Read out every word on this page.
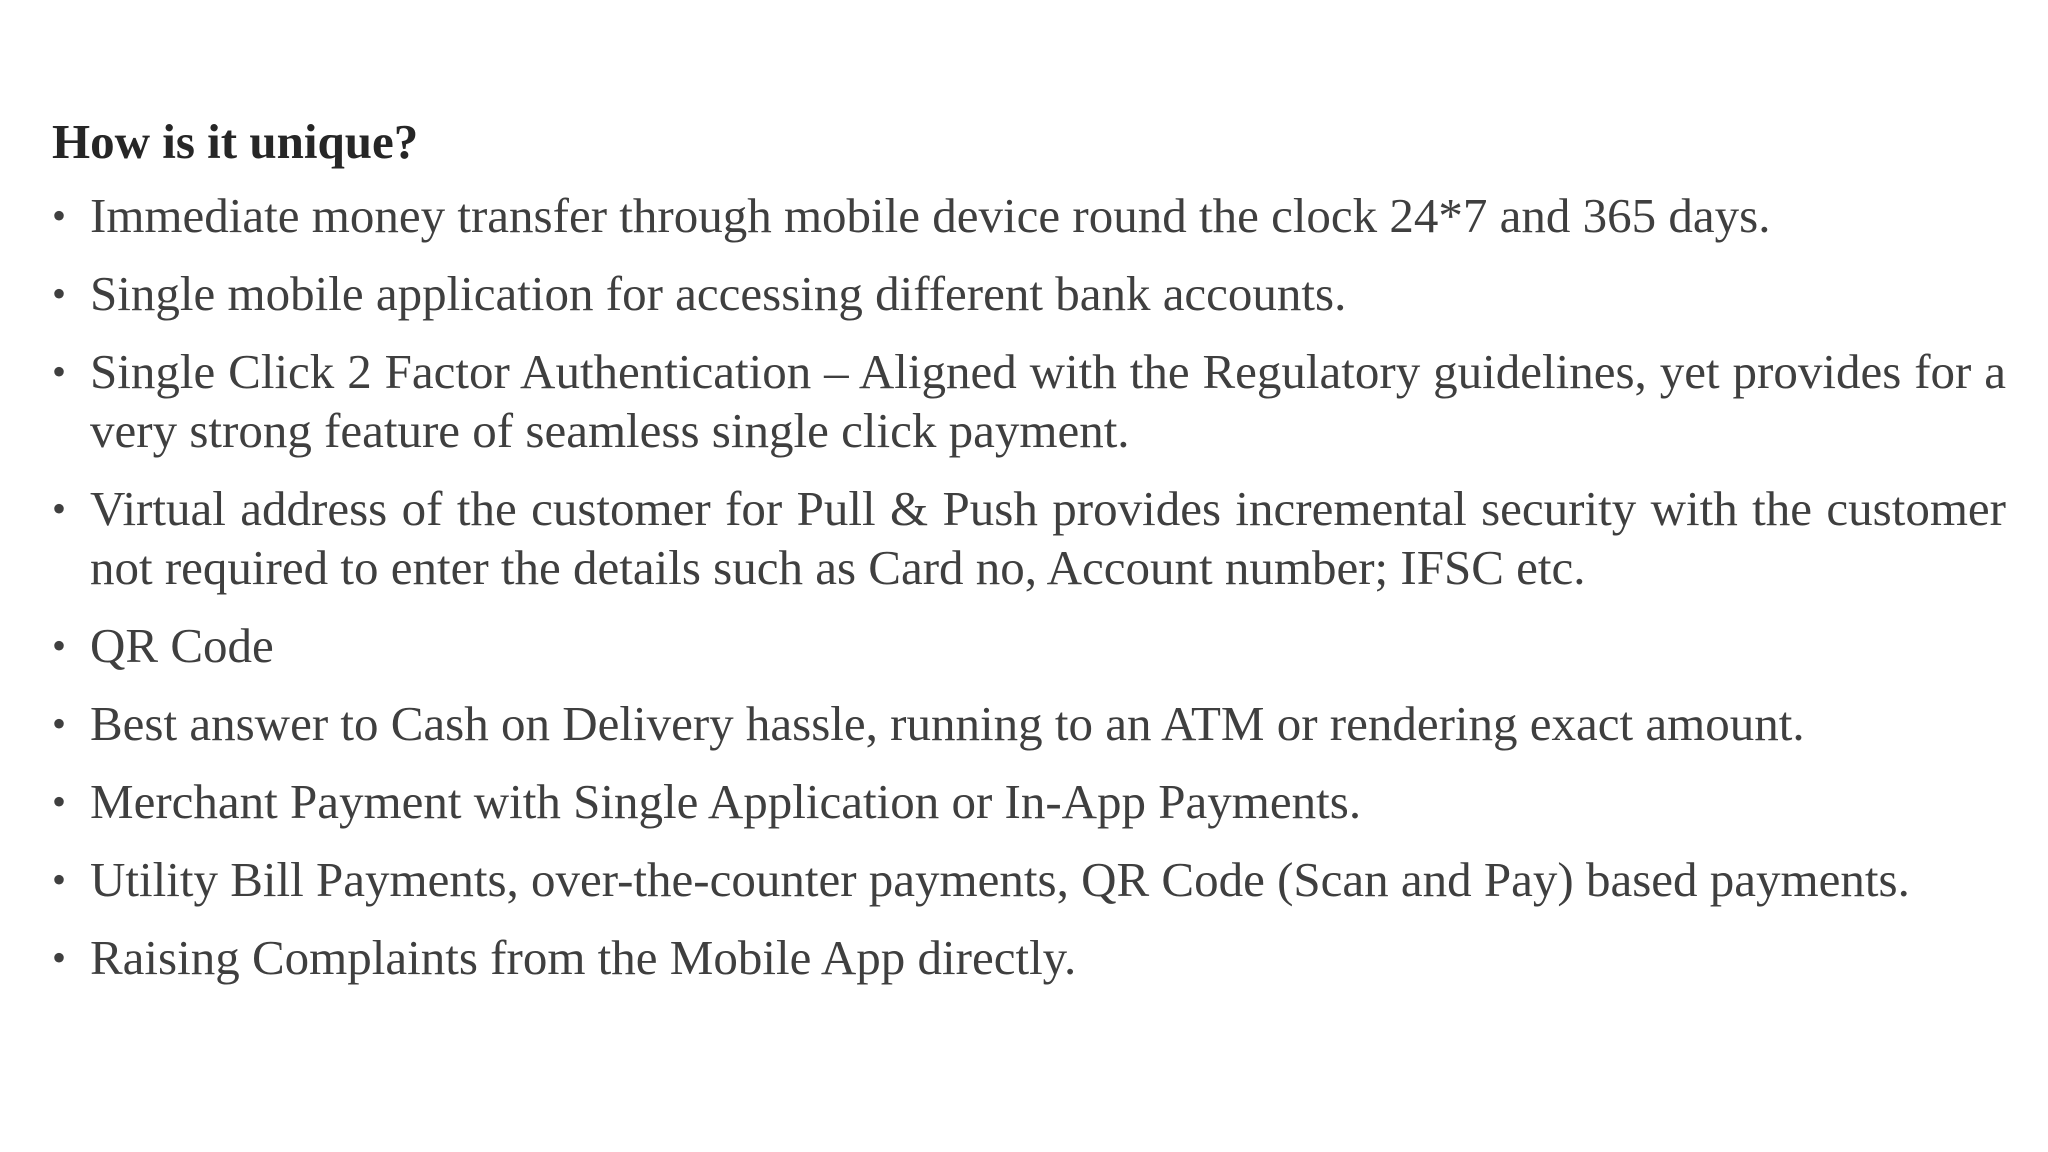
How is it unique?
• Immediate money transfer through mobile device round the clock 24*7 and 365 days.
• Single mobile application for accessing different bank accounts.
• Single Click 2 Factor Authentication – Aligned with the Regulatory guidelines, yet provides for a very strong feature of seamless single click payment.
• Virtual address of the customer for Pull & Push provides incremental security with the customer not required to enter the details such as Card no, Account number; IFSC etc.
• QR Code
• Best answer to Cash on Delivery hassle, running to an ATM or rendering exact amount.
• Merchant Payment with Single Application or In-App Payments.
• Utility Bill Payments, over-the-counter payments, QR Code (Scan and Pay) based payments.
• Raising Complaints from the Mobile App directly.
